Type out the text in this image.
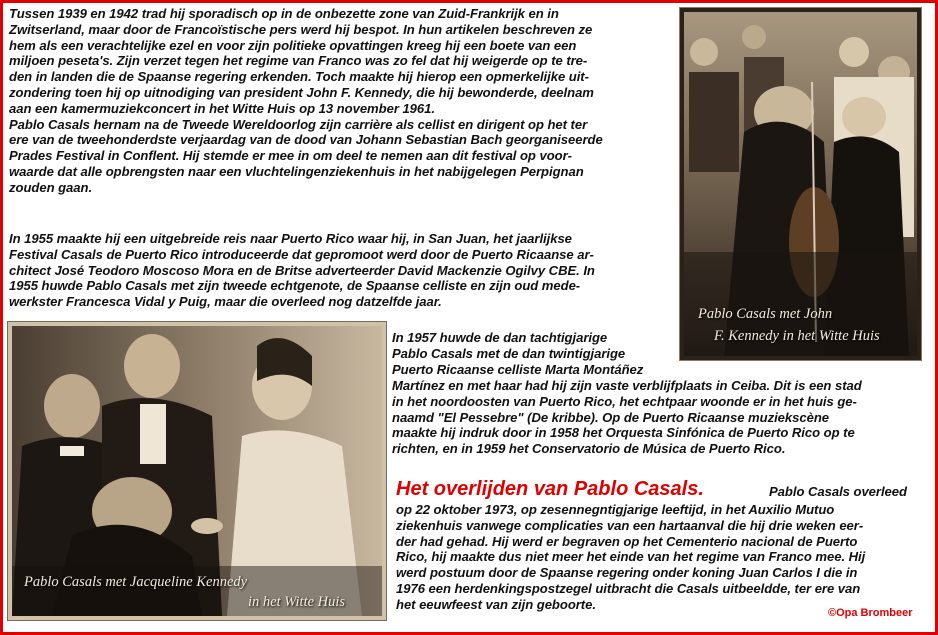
Tussen 1939 en 1942 trad hij sporadisch op in de onbezette zone van Zuid-Frankrijk en in
Zwitserland, maar door de Francoïstische pers werd hij bespot. In hun artikelen beschreven ze
hem als een verachtelijke ezel en voor zijn politieke opvattingen kreeg hij een boete van een
miljoen peseta's. Zijn verzet tegen het regime van Franco was zo fel dat hij weigerde op te tre-
den in landen die de Spaanse regering erkenden. Toch maakte hij hierop een opmerkelijke uit-
zondering toen hij op uitnodiging van president John F. Kennedy, die hij bewonderde, deelnam
aan een kamermuziekconcert in het Witte Huis op 13 november 1961.
Pablo Casals hernam na de Tweede Wereldoorlog zijn carrière als cellist en dirigent op het ter
ere van de tweehonderdste verjaardag van de dood van Johann Sebastian Bach georganiseerde
Prades Festival in Conflent. Hij stemde er mee in om deel te nemen aan dit festival op voor-
waarde dat alle opbrengsten naar een vluchtelingenziekenhuis in het nabijgelegen Perpignan
zouden gaan.

In 1955 maakte hij een uitgebreide reis naar Puerto Rico waar hij, in San Juan, het jaarlijkse
Festival Casals de Puerto Rico introduceerde dat gepromoot werd door de Puerto Ricaanse ar-
chitect José Teodoro Moscoso Mora en de Britse adverteerder David Mackenzie Ogilvy CBE. In
1955 huwde Pablo Casals met zijn tweede echtgenote, de Spaanse celliste en zijn oud mede-
werkster Francesca Vidal y Puig, maar die overleed nog datzelfde jaar.

In 1957 huwde de dan tachtigjarige
Pablo Casals met de dan twintigjarige
Puerto Ricaanse celliste Marta Montáñez

Martínez en met haar had hij zijn vaste verblijfplaats in Ceiba. Dit is een stad
in het noordoosten van Puerto Rico, het echtpaar woonde er in het huis ge-
naamd "El Pessebre" (De kribbe). Op de Puerto Ricaanse muziekscène
maakte hij indruk door in 1958 het Orquesta Sinfónica de Puerto Rico op te
richten, en in 1959 het Conservatorio de Música de Puerto Rico.

Het overlijden van Pablo Casals.	Pablo Casals overleed

op 22 oktober 1973, op zesennegntigjarige leeftijd, in het Auxilio Mutuo
ziekenhuis vanwege complicaties van een hartaanval die hij drie weken eer-
der had gehad. Hij werd er begraven op het Cementerio nacional de Puerto
Rico, hij maakte dus niet meer het einde van het regime van Franco mee. Hij
werd postuum door de Spaanse regering onder koning Juan Carlos I die in
1976 een herdenkingspostzegel uitbracht die Casals uitbeeldde, ter ere van
het eeuwfeest van zijn geboorte.

Pablo Casals met John
F. Kennedy in het Witte Huis
Pablo Casals met Jacqueline Kennedy
in het Witte Huis
©Opa Brombeer
